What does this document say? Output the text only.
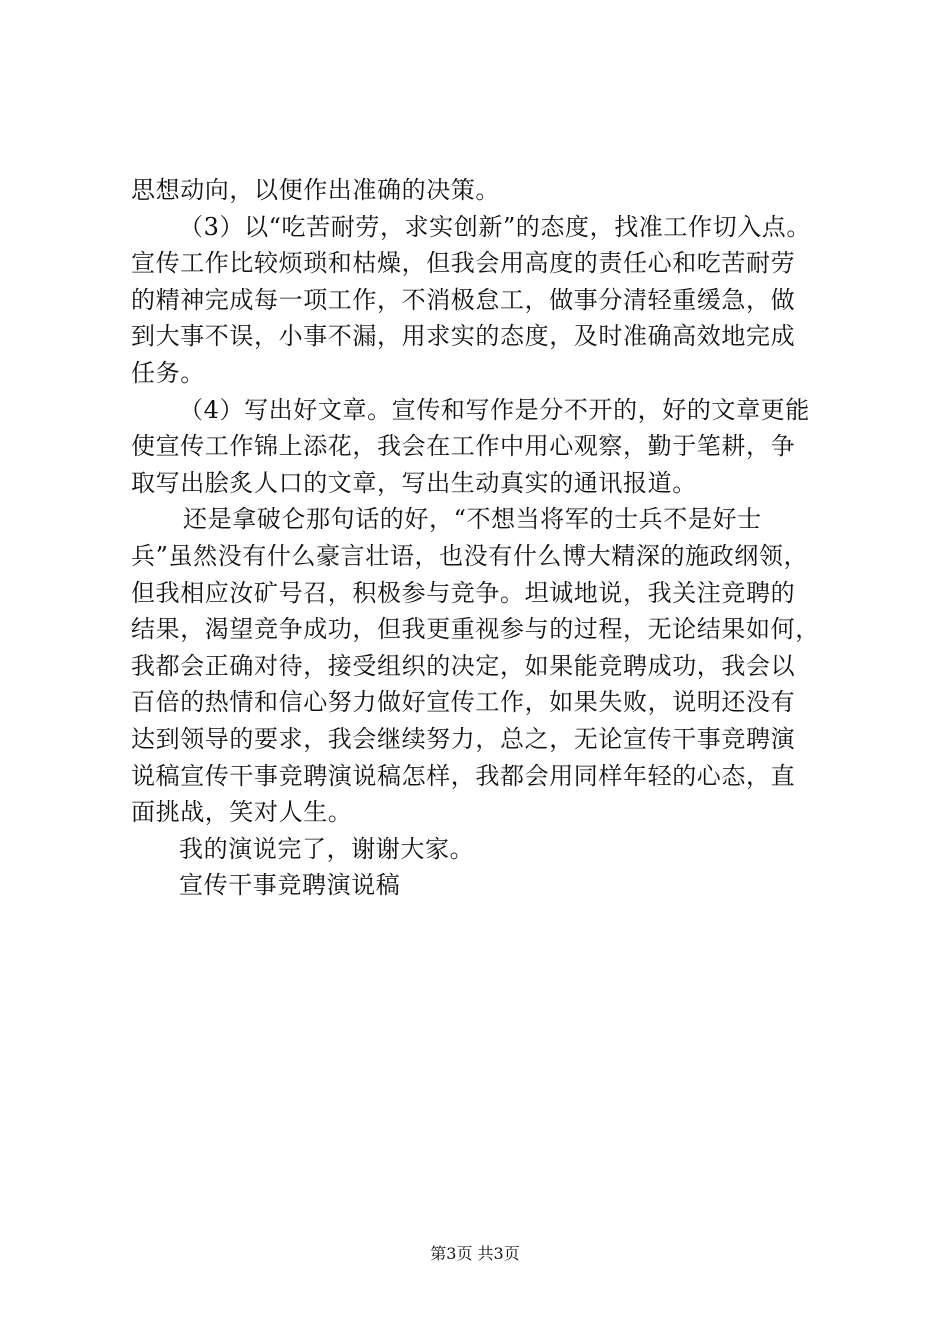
思想动向，以便作出准确的决策。
（3）以“吃苦耐劳，求实创新”的态度，找准工作切入点。
宣传工作比较烦琐和枯燥，但我会用高度的责任心和吃苦耐劳
的精神完成每一项工作，不消极怠工，做事分清轻重缓急，做
到大事不误，小事不漏，用求实的态度，及时准确高效地完成
任务。
（4）写出好文章。宣传和写作是分不开的，好的文章更能
使宣传工作锦上添花，我会在工作中用心观察，勤于笔耕，争
取写出脍炙人口的文章，写出生动真实的通讯报道。
还是拿破仑那句话的好，“不想当将军的士兵不是好士
兵”虽然没有什么豪言壮语，也没有什么博大精深的施政纲领，
但我相应汝矿号召，积极参与竞争。坦诚地说，我关注竞聘的
结果，渴望竞争成功，但我更重视参与的过程，无论结果如何，
我都会正确对待，接受组织的决定，如果能竞聘成功，我会以
百倍的热情和信心努力做好宣传工作，如果失败，说明还没有
达到领导的要求，我会继续努力，总之，无论宣传干事竞聘演
说稿宣传干事竞聘演说稿怎样，我都会用同样年轻的心态，直
面挑战，笑对人生。
我的演说完了，谢谢大家。
宣传干事竞聘演说稿
第3页 共3页
